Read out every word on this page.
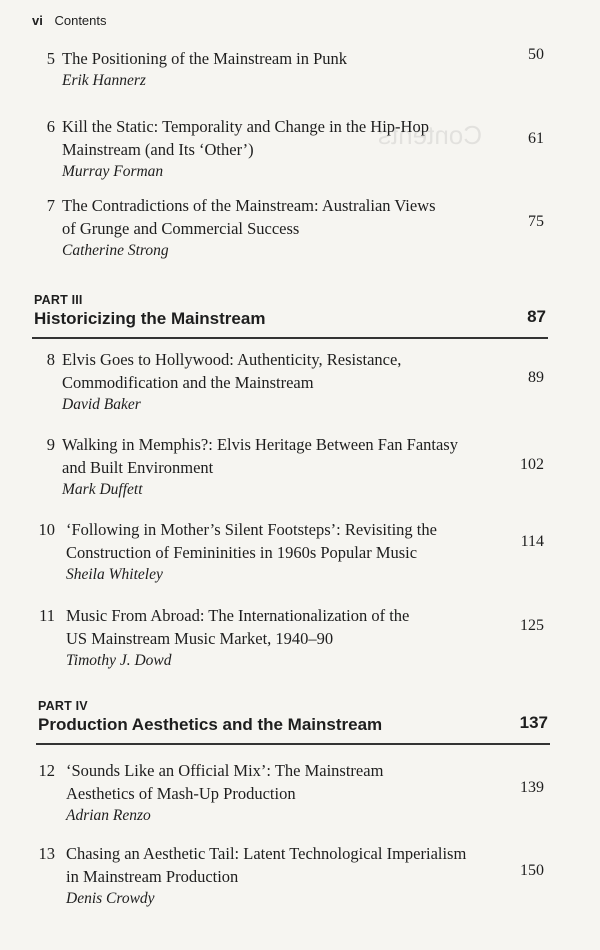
Contents
vi Contents
5 The Positioning of the Mainstream in Punk
Erik Hannerz
50
6 Kill the Static: Temporality and Change in the Hip-Hop
Mainstream (and Its ‘Other’)
Murray Forman
61
7 The Contradictions of the Mainstream: Australian Views
of Grunge and Commercial Success
Catherine Strong
75
PART III
Historicizing the Mainstream	87
8 Elvis Goes to Hollywood: Authenticity, Resistance,
Commodification and the Mainstream
David Baker
89
9 Walking in Memphis?: Elvis Heritage Between Fan Fantasy
and Built Environment
Mark Duffett
102
10 ‘Following in Mother’s Silent Footsteps’: Revisiting the
Construction of Femininities in 1960s Popular Music
Sheila Whiteley
114
11 Music From Abroad: The Internationalization of the
US Mainstream Music Market, 1940–90
Timothy J. Dowd
125
PART IV
Production Aesthetics and the Mainstream	137
12 ‘Sounds Like an Official Mix’: The Mainstream
Aesthetics of Mash-Up Production
Adrian Renzo
139
13 Chasing an Aesthetic Tail: Latent Technological Imperialism
in Mainstream Production
Denis Crowdy
150
